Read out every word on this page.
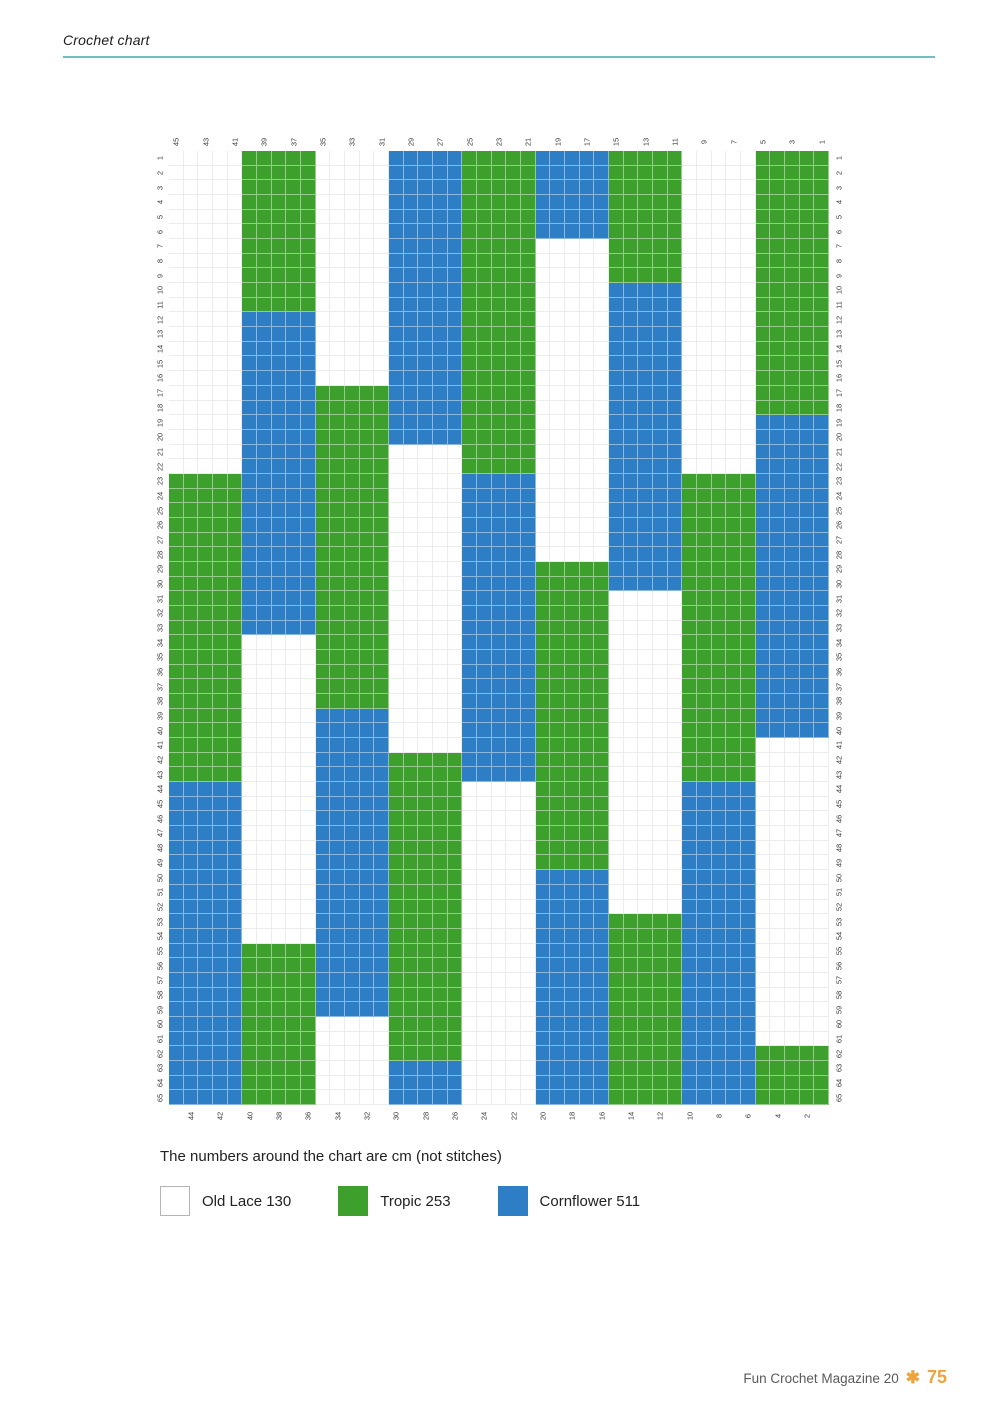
Crochet chart
45	43	41	39	37	35	33	31	29	27	25	23	21	19	17	15	13	11	9	7	5	3	1
44	42	40	38	36	34	32	30	28	26	24	22	20	18	16	14	12	10	8	6	4	2
1
2
3
4
5
6
7
8
9
10
11
12
13
14
15
16
17
18
19
20
21
22
23
24
25
26
27
28
29
30
31
32
33
34
35
36
37
38
39
40
41
42
43
44
45
46
47
48
49
50
51
52
53
54
55
56
57
58
59
60
61
62
63
64
65
1
2
3
4
5
6
7
8
9
10
11
12
13
14
15
16
17
18
19
20
21
22
23
24
25
26
27
28
29
30
31
32
33
34
35
36
37
38
39
40
41
42
43
44
45
46
47
48
49
50
51
52
53
54
55
56
57
58
59
60
61
62
63
64
65
The numbers around the chart are cm (not stitches)
Old Lace 130	Tropic 253	Cornflower 511
Fun Crochet Magazine 20 ✱ 75
